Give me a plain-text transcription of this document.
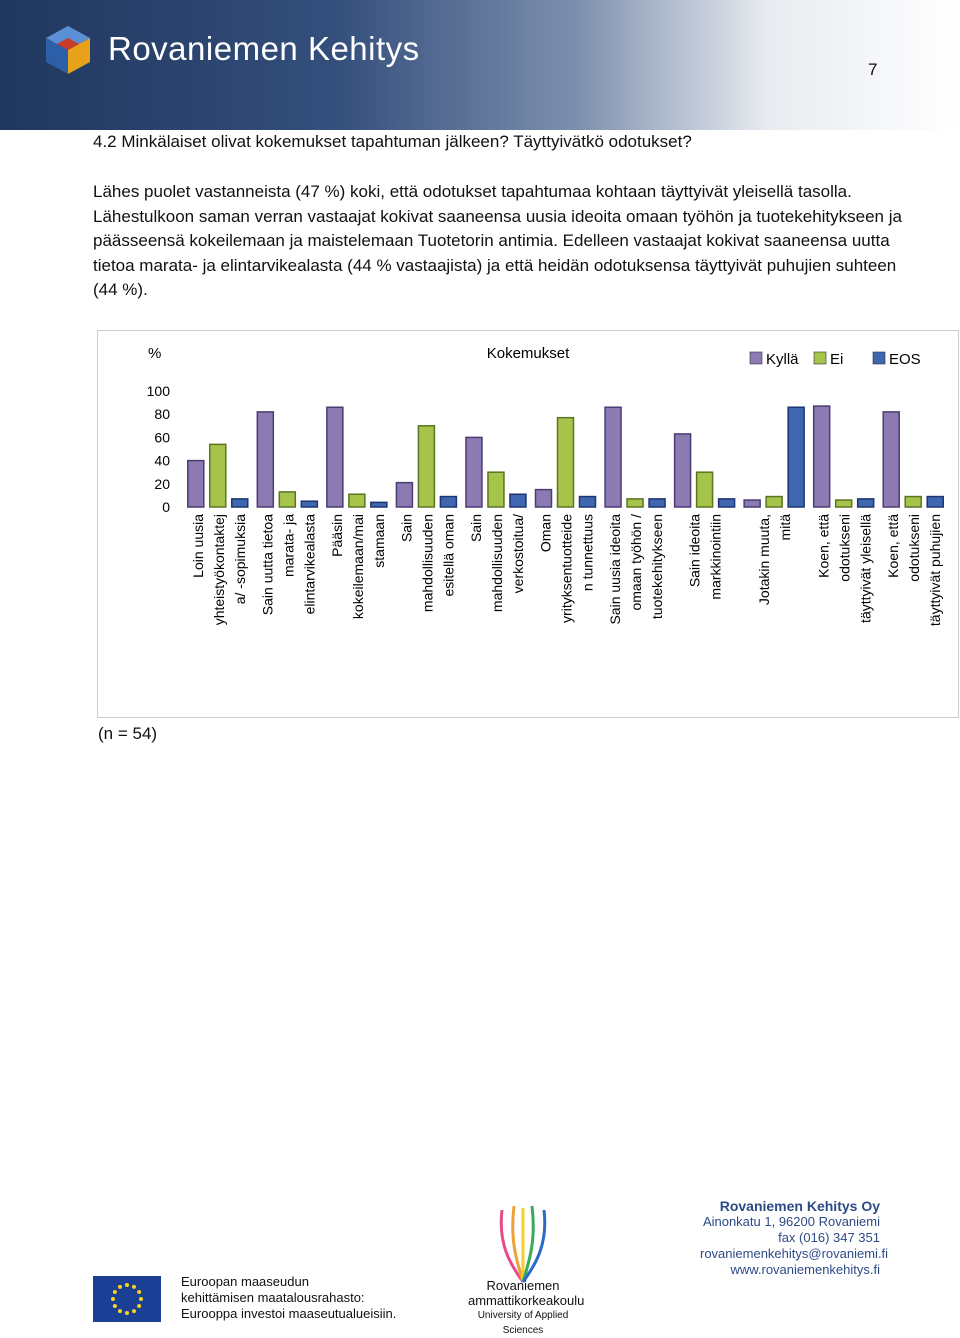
Rovaniemen Kehitys
7
4.2 Minkälaiset olivat kokemukset tapahtuman jälkeen? Täyttyivätkö odotukset?
Lähes puolet vastanneista (47 %) koki, että odotukset tapahtumaa kohtaan täyttyivät yleisellä tasolla. Lähestulkoon saman verran vastaajat kokivat saaneensa uusia ideoita omaan työhön ja tuotekehitykseen ja päässeensä kokeilemaan ja maistelemaan Tuotetorin antimia. Edelleen vastaajat kokivat saaneensa uutta tietoa marata- ja elintarvikealasta (44 % vastaajista) ja että heidän odotuksensa täyttyivät puhujien suhteen (44 %).
%	Kokemukset
100
80
60
40
20
0
Kyllä Ei	EOS
Loin uusia yhteistyökontaktej a/ -sopimuksia Sain uutta tietoa marata- ja elintarvikealasta Pääsin kokeilemaan/mai stamaan Sain mahdollisuuden esitellä oman Sain mahdollisuuden verkostoitua/ Oman yrityksentuotteide n tunnettuus Sain uusia ideoita omaan työhön / tuotekehitykseen Sain ideoita markkinointiin Jotakin muuta, mitä Koen, että odotukseni täyttyivät yleisellä Koen, että odotukseni täyttyivät puhujien
(n = 54)
Euroopan maaseudun
kehittämisen maatalousrahasto:
Eurooppa investoi maaseutualueisiin.
Rovaniemen
ammattikorkeakoulu
University of Applied Sciences
Rovaniemen Kehitys Oy
Ainonkatu 1, 96200 Rovaniemi
fax (016) 347 351
rovaniemenkehitys@rovaniemi.fi
www.rovaniemenkehitys.fi
